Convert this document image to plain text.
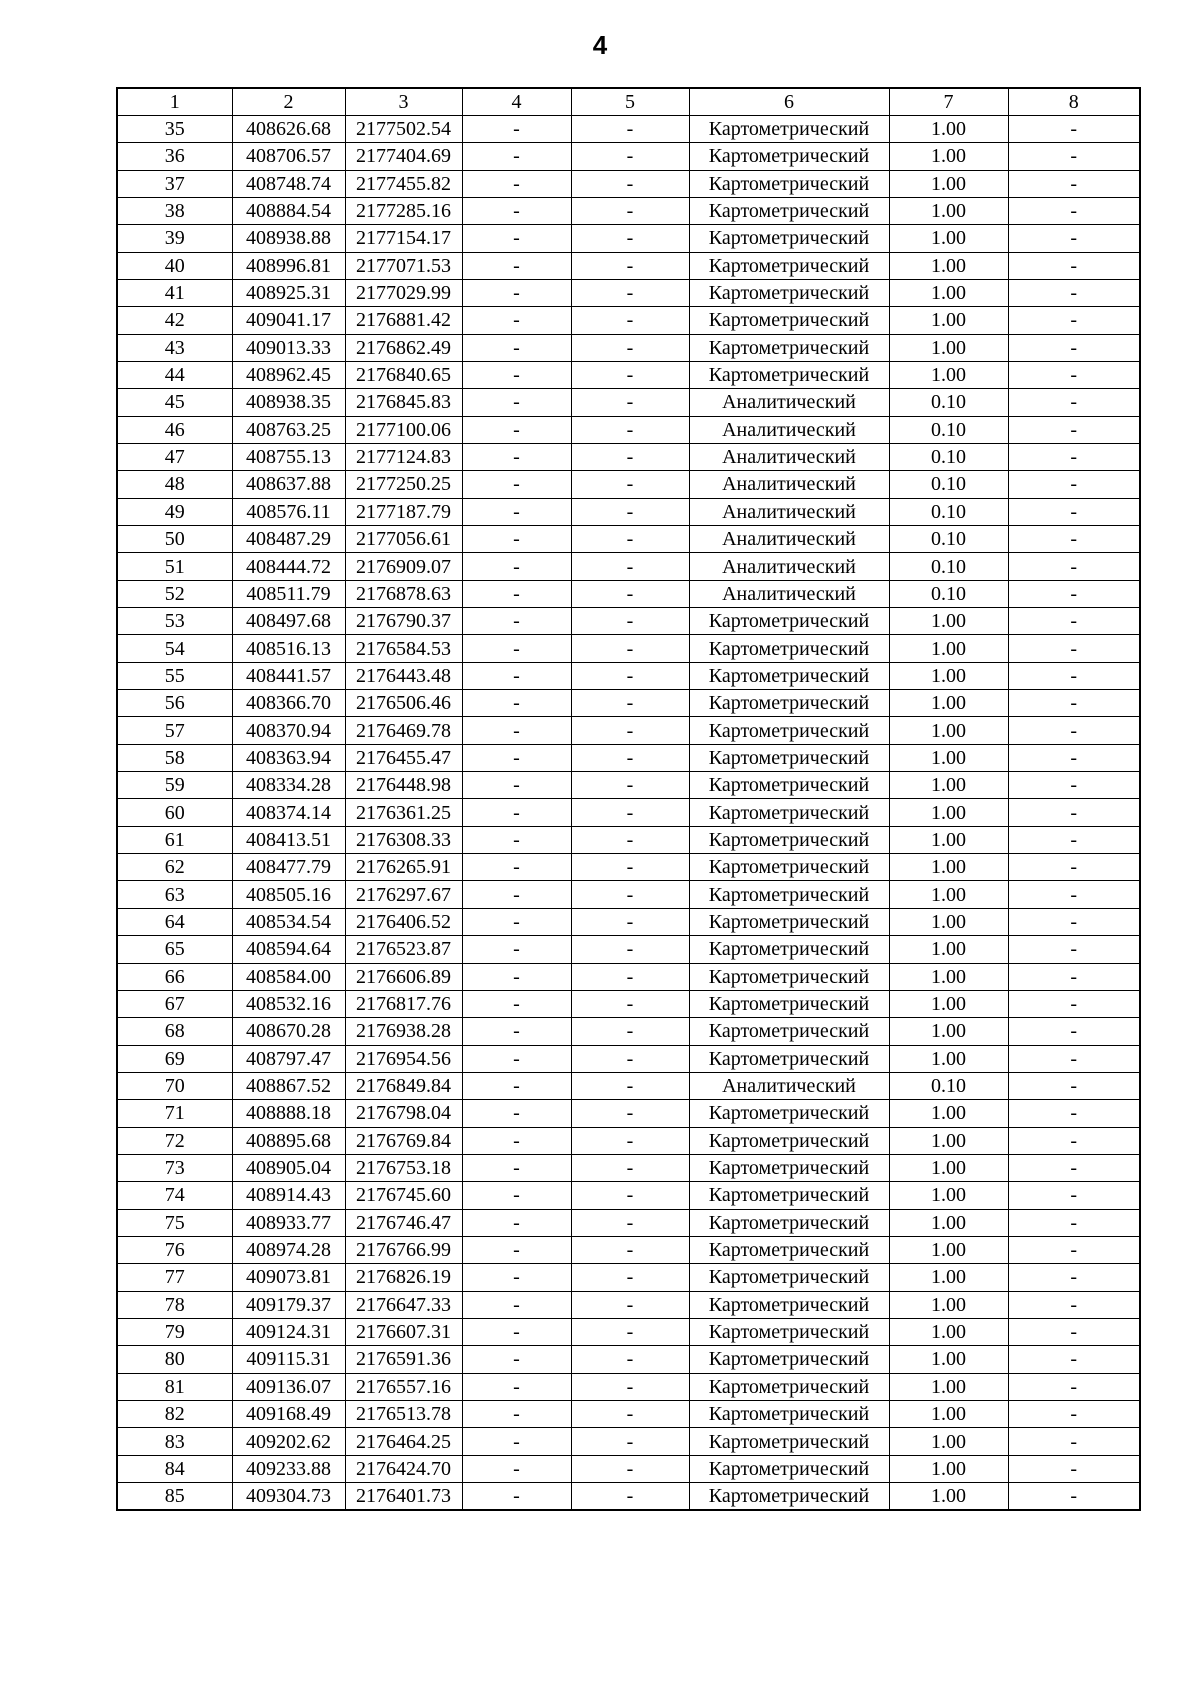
4
1	2	3	4	5	6	7	8
35	408626.68	2177502.54	-	-	Картометрический	1.00	-
36	408706.57	2177404.69	-	-	Картометрический	1.00	-
37	408748.74	2177455.82	-	-	Картометрический	1.00	-
38	408884.54	2177285.16	-	-	Картометрический	1.00	-
39	408938.88	2177154.17	-	-	Картометрический	1.00	-
40	408996.81	2177071.53	-	-	Картометрический	1.00	-
41	408925.31	2177029.99	-	-	Картометрический	1.00	-
42	409041.17	2176881.42	-	-	Картометрический	1.00	-
43	409013.33	2176862.49	-	-	Картометрический	1.00	-
44	408962.45	2176840.65	-	-	Картометрический	1.00	-
45	408938.35	2176845.83	-	-	Аналитический	0.10	-
46	408763.25	2177100.06	-	-	Аналитический	0.10	-
47	408755.13	2177124.83	-	-	Аналитический	0.10	-
48	408637.88	2177250.25	-	-	Аналитический	0.10	-
49	408576.11	2177187.79	-	-	Аналитический	0.10	-
50	408487.29	2177056.61	-	-	Аналитический	0.10	-
51	408444.72	2176909.07	-	-	Аналитический	0.10	-
52	408511.79	2176878.63	-	-	Аналитический	0.10	-
53	408497.68	2176790.37	-	-	Картометрический	1.00	-
54	408516.13	2176584.53	-	-	Картометрический	1.00	-
55	408441.57	2176443.48	-	-	Картометрический	1.00	-
56	408366.70	2176506.46	-	-	Картометрический	1.00	-
57	408370.94	2176469.78	-	-	Картометрический	1.00	-
58	408363.94	2176455.47	-	-	Картометрический	1.00	-
59	408334.28	2176448.98	-	-	Картометрический	1.00	-
60	408374.14	2176361.25	-	-	Картометрический	1.00	-
61	408413.51	2176308.33	-	-	Картометрический	1.00	-
62	408477.79	2176265.91	-	-	Картометрический	1.00	-
63	408505.16	2176297.67	-	-	Картометрический	1.00	-
64	408534.54	2176406.52	-	-	Картометрический	1.00	-
65	408594.64	2176523.87	-	-	Картометрический	1.00	-
66	408584.00	2176606.89	-	-	Картометрический	1.00	-
67	408532.16	2176817.76	-	-	Картометрический	1.00	-
68	408670.28	2176938.28	-	-	Картометрический	1.00	-
69	408797.47	2176954.56	-	-	Картометрический	1.00	-
70	408867.52	2176849.84	-	-	Аналитический	0.10	-
71	408888.18	2176798.04	-	-	Картометрический	1.00	-
72	408895.68	2176769.84	-	-	Картометрический	1.00	-
73	408905.04	2176753.18	-	-	Картометрический	1.00	-
74	408914.43	2176745.60	-	-	Картометрический	1.00	-
75	408933.77	2176746.47	-	-	Картометрический	1.00	-
76	408974.28	2176766.99	-	-	Картометрический	1.00	-
77	409073.81	2176826.19	-	-	Картометрический	1.00	-
78	409179.37	2176647.33	-	-	Картометрический	1.00	-
79	409124.31	2176607.31	-	-	Картометрический	1.00	-
80	409115.31	2176591.36	-	-	Картометрический	1.00	-
81	409136.07	2176557.16	-	-	Картометрический	1.00	-
82	409168.49	2176513.78	-	-	Картометрический	1.00	-
83	409202.62	2176464.25	-	-	Картометрический	1.00	-
84	409233.88	2176424.70	-	-	Картометрический	1.00	-
85	409304.73	2176401.73	-	-	Картометрический	1.00	-
